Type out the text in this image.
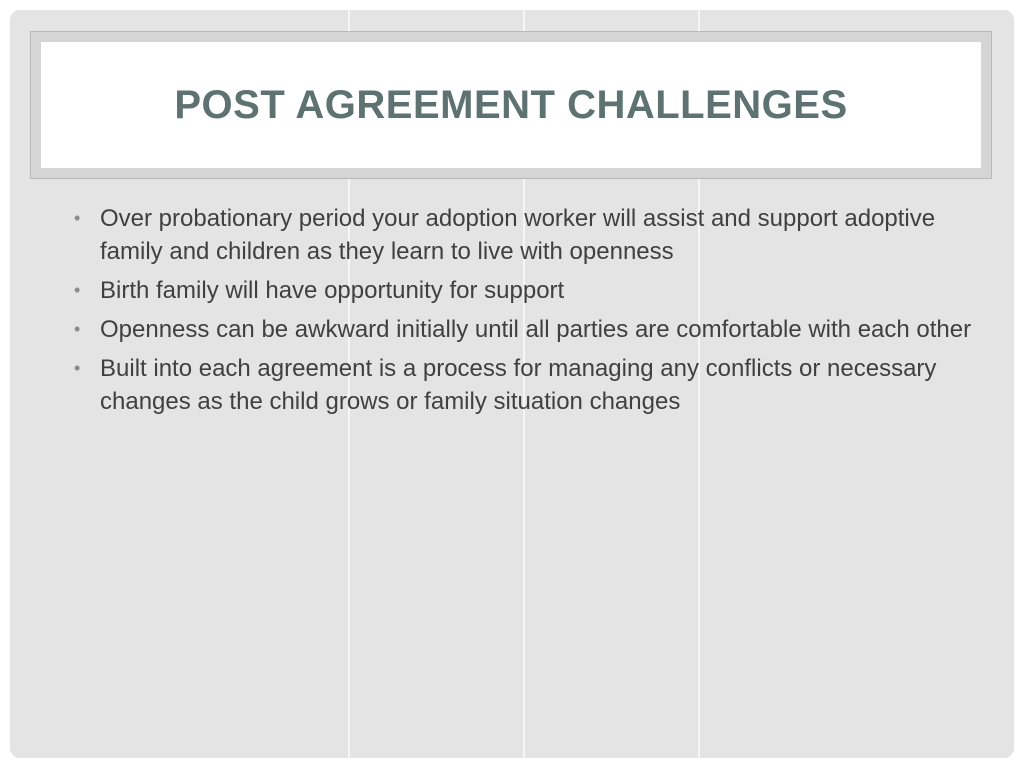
POST AGREEMENT CHALLENGES
• Over probationary period your adoption worker will assist and support adoptive family and children as they learn to live with openness
• Birth family will have opportunity for support
• Openness can be awkward initially until all parties are comfortable with each other
• Built into each agreement is a process for managing any conflicts or necessary changes as the child grows or family situation changes
